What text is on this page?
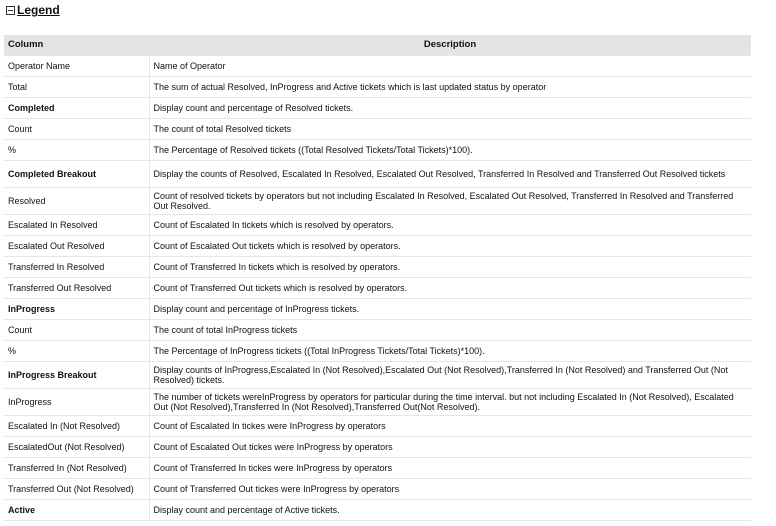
Legend
Column	Description
Operator Name	Name of Operator
Total	The sum of actual Resolved, InProgress and Active tickets which is last updated status by operator
Completed	Display count and percentage of Resolved tickets.
Count	The count of total Resolved tickets
%	The Percentage of Resolved tickets ((Total Resolved Tickets/Total Tickets)*100).
Completed Breakout	Display the counts of Resolved, Escalated In Resolved, Escalated Out Resolved, Transferred In Resolved and Transferred Out Resolved tickets
Resolved	Count of resolved tickets by operators but not including Escalated In Resolved, Escalated Out Resolved, Transferred In Resolved and Transferred Out Resolved.
Escalated In Resolved	Count of Escalated In tickets which is resolved by operators.
Escalated Out Resolved	Count of Escalated Out tickets which is resolved by operators.
Transferred In Resolved	Count of Transferred In tickets which is resolved by operators.
Transferred Out Resolved	Count of Transferred Out tickets which is resolved by operators.
InProgress	Display count and percentage of InProgress tickets.
Count	The count of total InProgress tickets
%	The Percentage of InProgress tickets ((Total InProgress Tickets/Total Tickets)*100).
InProgress Breakout	Display counts of InProgress,Escalated In (Not Resolved),Escalated Out (Not Resolved),Transferred In (Not Resolved) and Transferred Out (Not Resolved) tickets.
InProgress	The number of tickets wereInProgress by operators for particular during the time interval. but not including Escalated In (Not Resolved), Escalated Out (Not Resolved),Transferred In (Not Resolved),Transferred Out(Not Resolved).
Escalated In (Not Resolved)	Count of Escalated In tickes were InProgress by operators
EscalatedOut (Not Resolved)	Count of Escalated Out tickes were InProgress by operators
Transferred In (Not Resolved)	Count of Transferred In tickes were InProgress by operators
Transferred Out (Not Resolved)	Count of Transferred Out tickes were InProgress by operators
Active	Display count and percentage of Active tickets.
